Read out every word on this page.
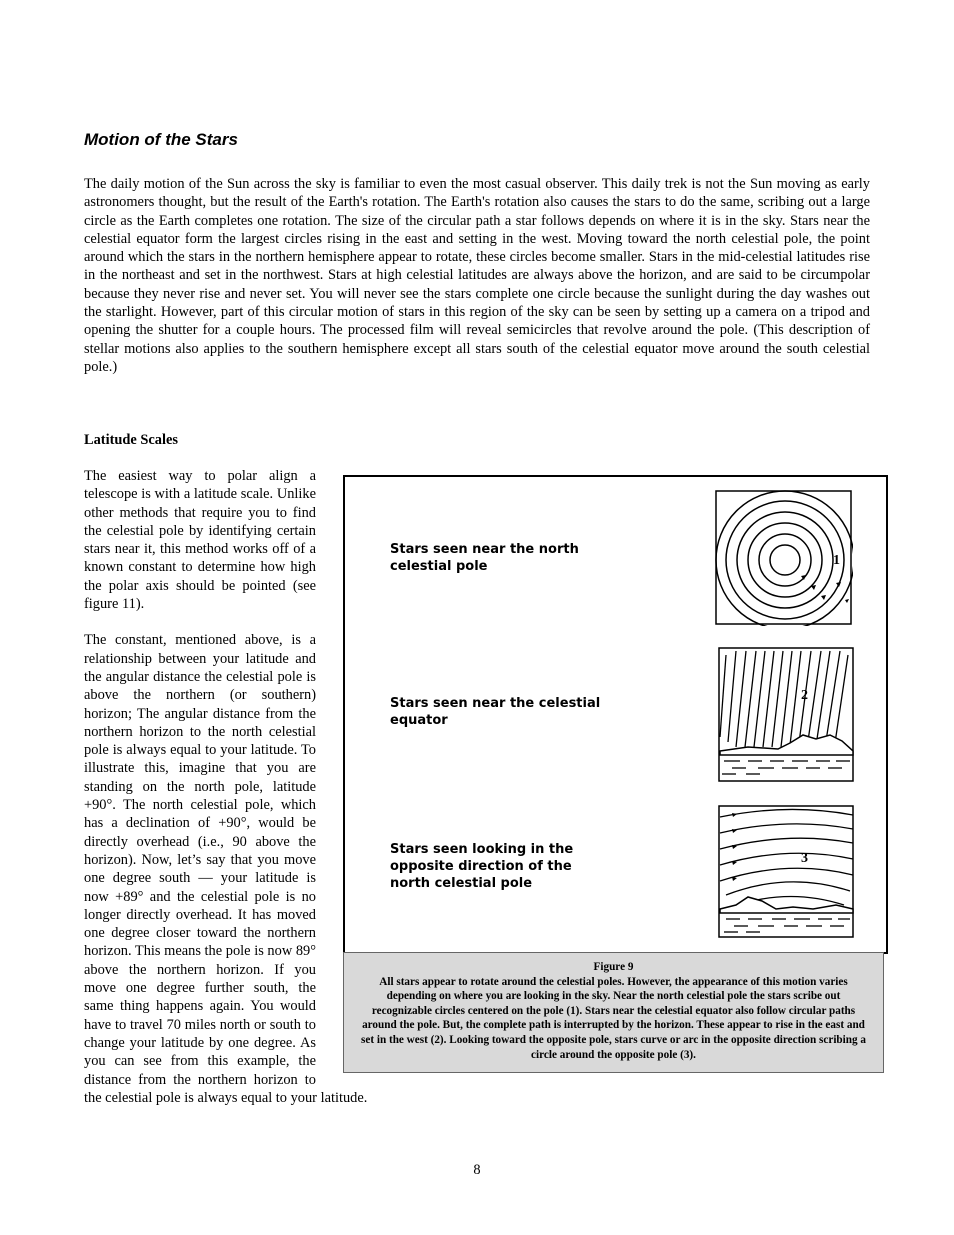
Motion of the Stars
The daily motion of the Sun across the sky is familiar to even the most casual observer. This daily trek is not the Sun moving as early astronomers thought, but the result of the Earth's rotation. The Earth's rotation also causes the stars to do the same, scribing out a large circle as the Earth completes one rotation. The size of the circular path a star follows depends on where it is in the sky. Stars near the celestial equator form the largest circles rising in the east and setting in the west. Moving toward the north celestial pole, the point around which the stars in the northern hemisphere appear to rotate, these circles become smaller. Stars in the mid-celestial latitudes rise in the northeast and set in the northwest. Stars at high celestial latitudes are always above the horizon, and are said to be circumpolar because they never rise and never set. You will never see the stars complete one circle because the sunlight during the day washes out the starlight. However, part of this circular motion of stars in this region of the sky can be seen by setting up a camera on a tripod and opening the shutter for a couple hours. The processed film will reveal semicircles that revolve around the pole. (This description of stellar motions also applies to the southern hemisphere except all stars south of the celestial equator move around the south celestial pole.)
Latitude Scales

The easiest way to polar align a telescope is with a latitude scale. Unlike other methods that require you to find the celestial pole by identifying certain stars near it, this method works off of a known constant to determine how high the polar axis should be pointed (see figure 11).

The constant, mentioned above, is a relationship between your latitude and the angular distance the celestial pole is above the northern (or southern) horizon; The angular distance from the northern horizon to the north celestial pole is always equal to your latitude. To illustrate this, imagine that you are standing on the north pole, latitude +90°. The north celestial pole, which has a declination of +90°, would be directly overhead (i.e., 90 above the horizon). Now, let’s say that you move one degree south — your latitude is now +89° and the celestial pole is no longer directly overhead. It has moved one degree closer toward the northern horizon. This means the pole is now 89° above the northern horizon. If you move one degree further south, the same thing happens again. You would have to travel 70 miles north or south to change your latitude by one degree. As you can see from this example, the distance from the northern horizon to the celestial pole is always equal to your latitude.

Stars seen near the north celestial pole
Stars seen near the celestial equator
Stars seen looking in the opposite direction of the north celestial pole
1
2
3
Figure 9
All stars appear to rotate around the celestial poles. However, the appearance of this motion varies depending on where you are looking in the sky. Near the north celestial pole the stars scribe out recognizable circles centered on the pole (1). Stars near the celestial equator also follow circular paths around the pole. But, the complete path is interrupted by the horizon. These appear to rise in the east and set in the west (2). Looking toward the opposite pole, stars curve or arc in the opposite direction scribing a circle around the opposite pole (3).
8
